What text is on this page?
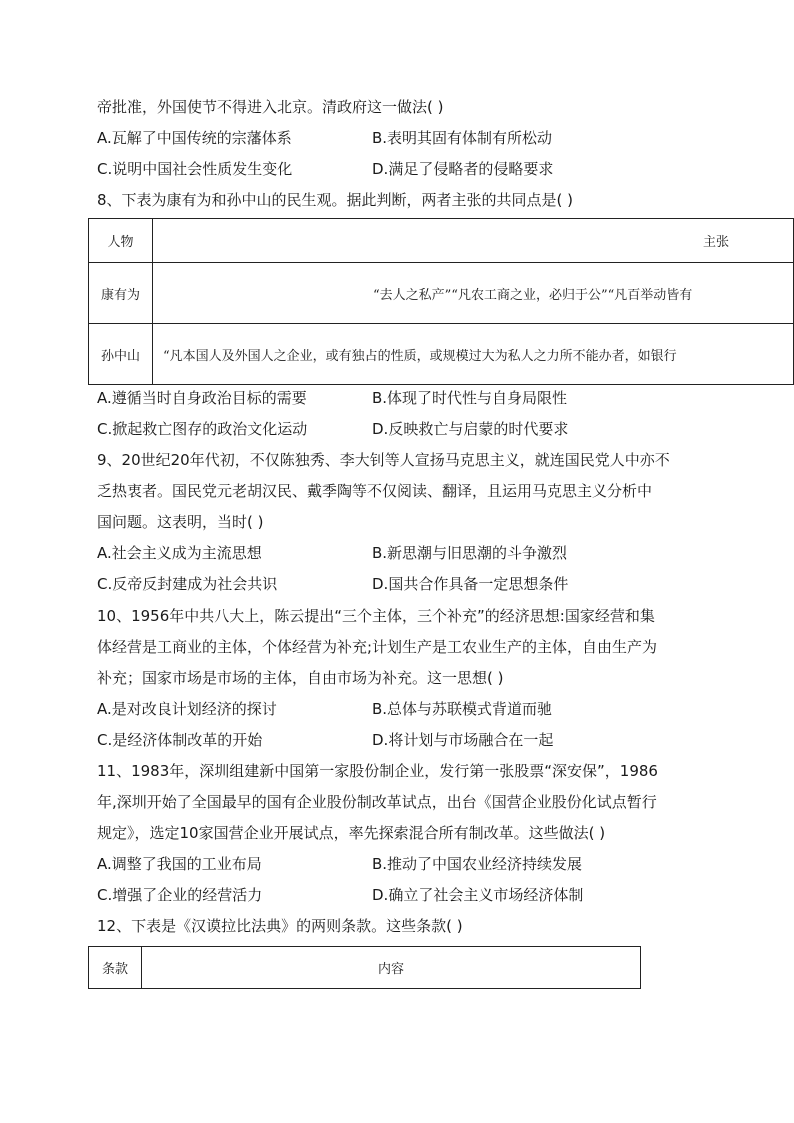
帝批准，外国使节不得进入北京。清政府这一做法( )
A.瓦解了中国传统的宗藩体系	B.表明其固有体制有所松动
C.说明中国社会性质发生变化	D.满足了侵略者的侵略要求
8、下表为康有为和孙中山的民生观。据此判断，两者主张的共同点是( )
人物	主张

康有为	“去人之私产”“凡农工商之业，必归于公”“凡百举动皆有

孙中山	“凡本国人及外国人之企业，或有独占的性质，或规模过大为私人之力所不能办者，如银行
A.遵循当时自身政治目标的需要	B.体现了时代性与自身局限性
C.掀起救亡图存的政治文化运动	D.反映救亡与启蒙的时代要求
9、20世纪20年代初，不仅陈独秀、李大钊等人宣扬马克思主义，就连国民党人中亦不
乏热衷者。国民党元老胡汉民、戴季陶等不仅阅读、翻译，且运用马克思主义分析中
国问题。这表明，当时( )
A.社会主义成为主流思想	B.新思潮与旧思潮的斗争激烈
C.反帝反封建成为社会共识	D.国共合作具备一定思想条件
10、1956年中共八大上，陈云提出“三个主体，三个补充”的经济思想:国家经营和集
体经营是工商业的主体，个体经营为补充;计划生产是工农业生产的主体，自由生产为
补充；国家市场是市场的主体，自由市场为补充。这一思想( )
A.是对改良计划经济的探讨	B.总体与苏联模式背道而驰
C.是经济体制改革的开始	D.将计划与市场融合在一起
11、1983年，深圳组建新中国第一家股份制企业，发行第一张股票“深安保”，1986
年,深圳开始了全国最早的国有企业股份制改革试点，出台《国营企业股份化试点暂行
规定》，选定10家国营企业开展试点，率先探索混合所有制改革。这些做法( )
A.调整了我国的工业布局	B.推动了中国农业经济持续发展
C.增强了企业的经营活力	D.确立了社会主义市场经济体制
12、下表是《汉谟拉比法典》的两则条款。这些条款( )
条款	内容
